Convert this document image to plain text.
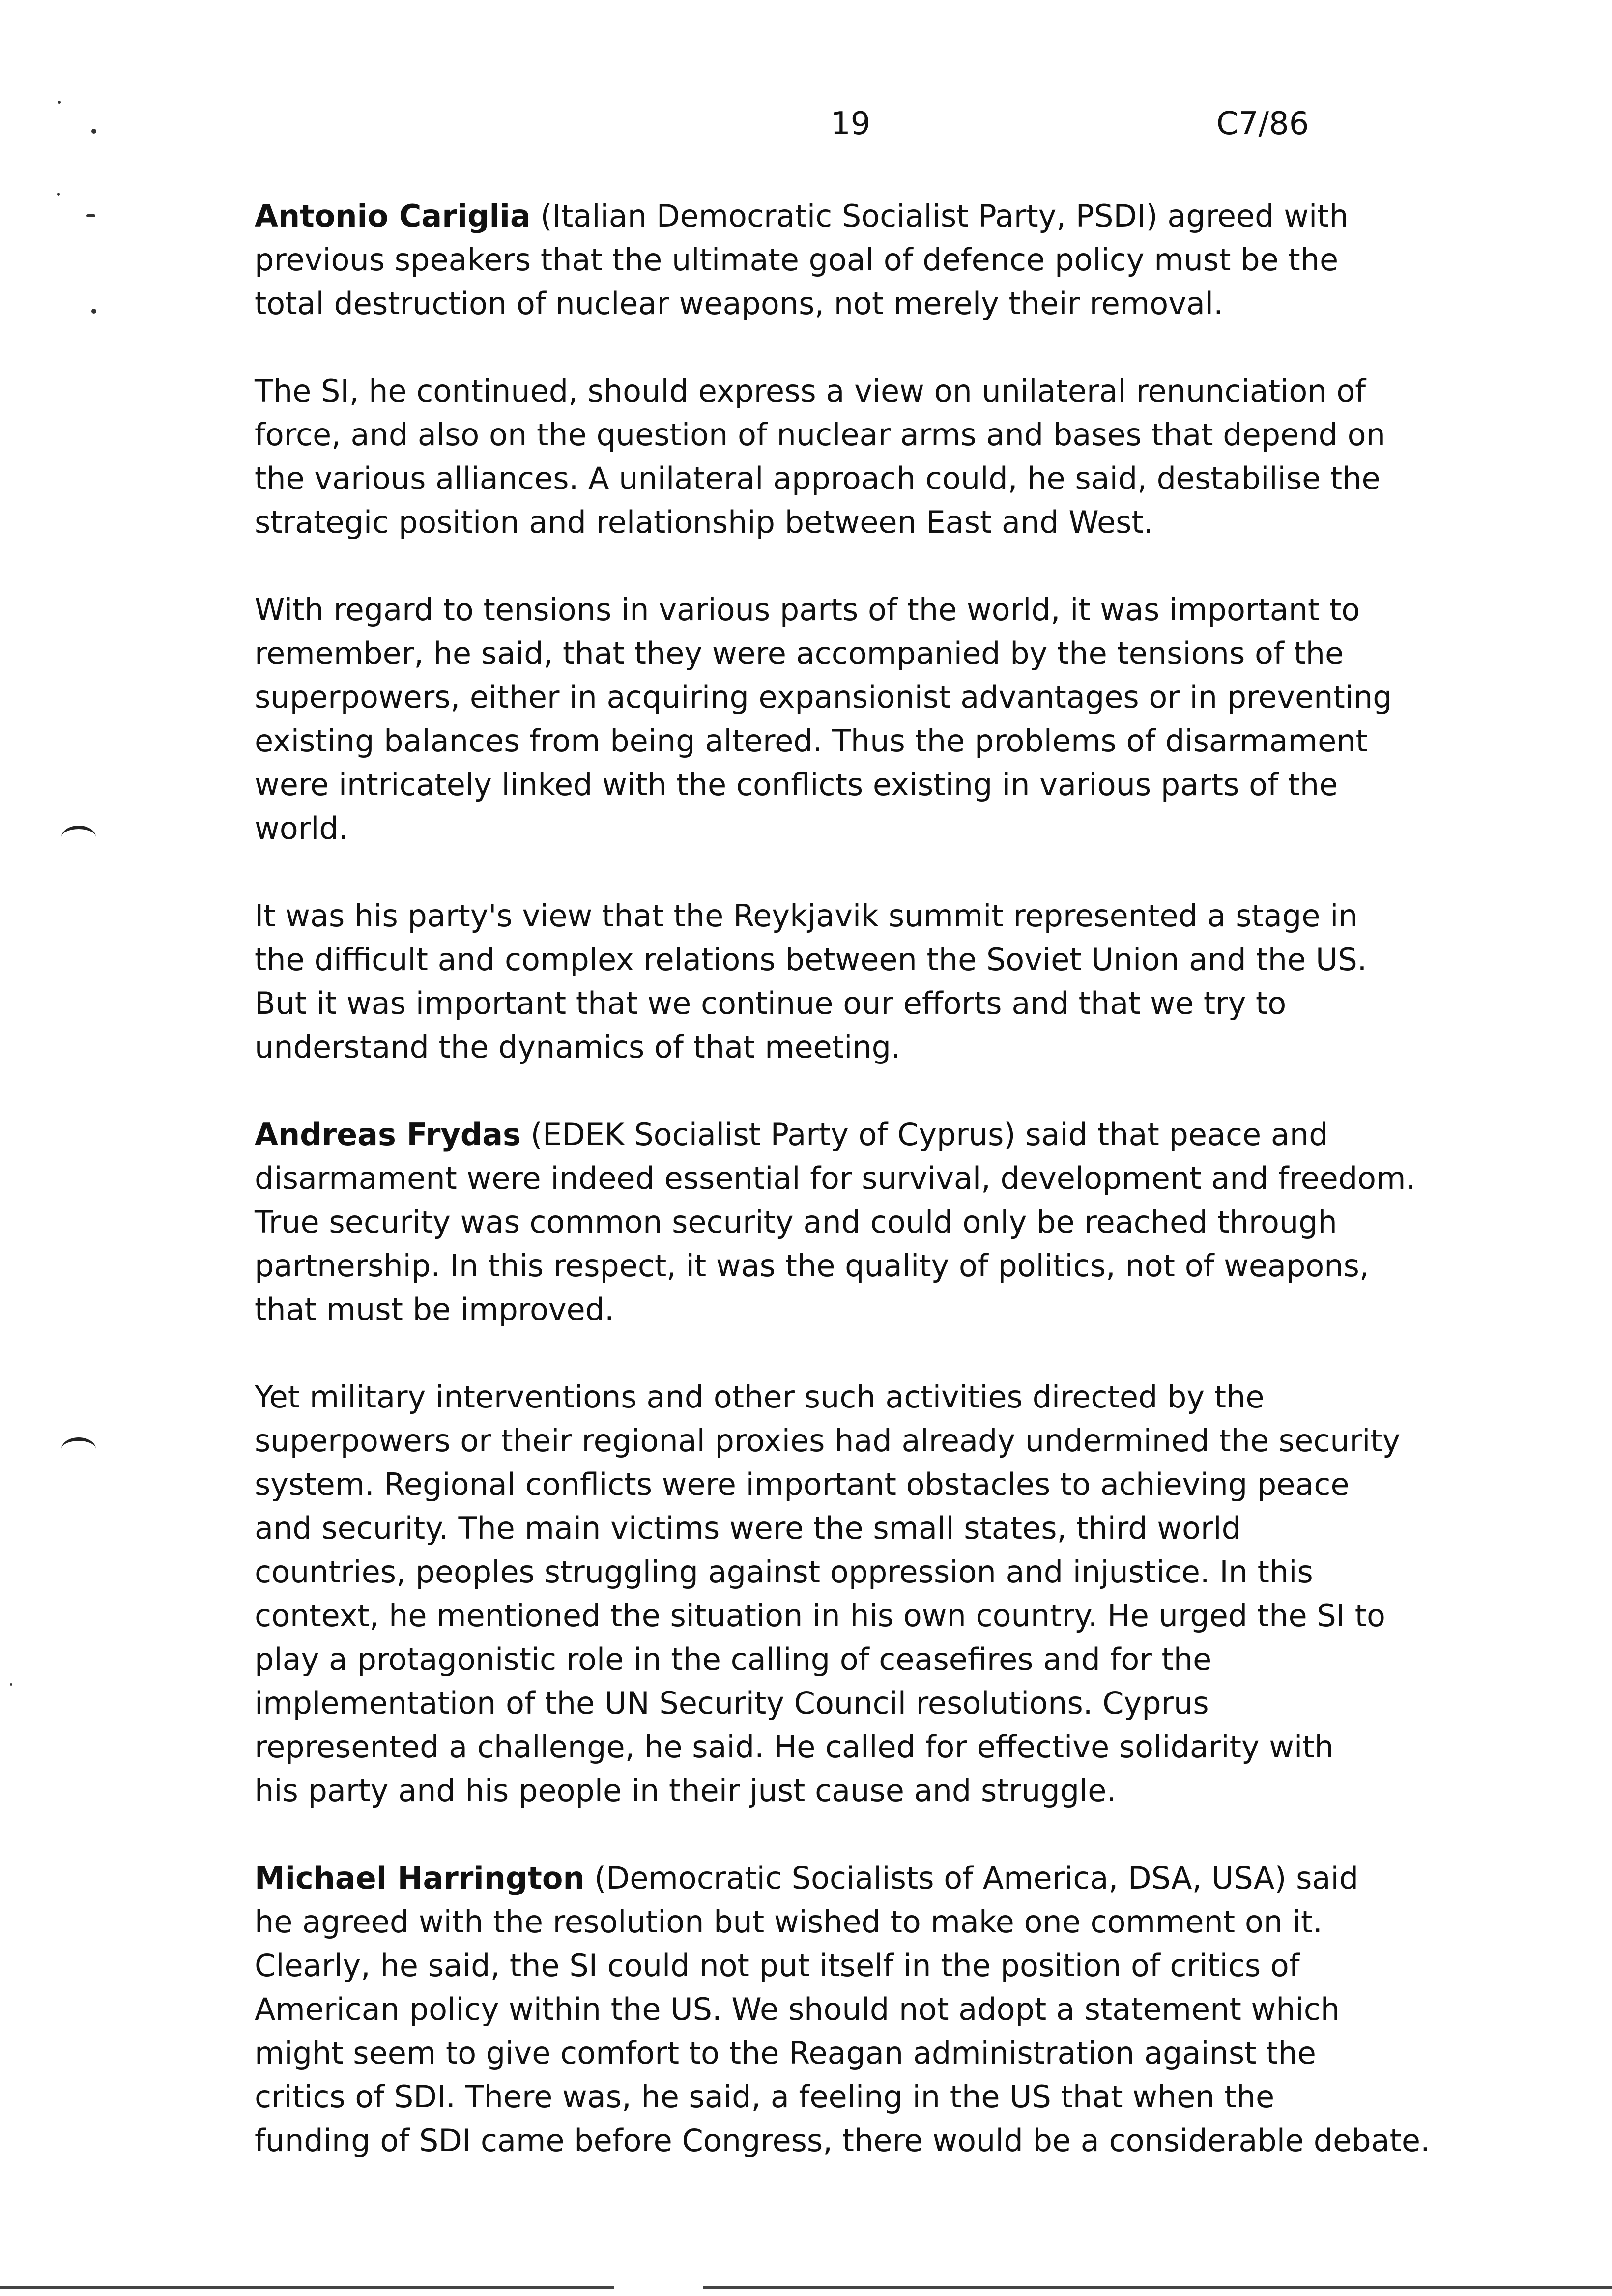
19	C7/86

Antonio Cariglia (Italian Democratic Socialist Party, PSDI) agreed with
previous speakers that the ultimate goal of defence policy must be the
total destruction of nuclear weapons, not merely their removal.

The SI, he continued, should express a view on unilateral renunciation of
force, and also on the question of nuclear arms and bases that depend on
the various alliances. A unilateral approach could, he said, destabilise the
strategic position and relationship between East and West.

With regard to tensions in various parts of the world, it was important to
remember, he said, that they were accompanied by the tensions of the
superpowers, either in acquiring expansionist advantages or in preventing
existing balances from being altered. Thus the problems of disarmament
were intricately linked with the conflicts existing in various parts of the
world.

It was his party's view that the Reykjavik summit represented a stage in
the difficult and complex relations between the Soviet Union and the US.
But it was important that we continue our efforts and that we try to
understand the dynamics of that meeting.

Andreas Frydas (EDEK Socialist Party of Cyprus) said that peace and
disarmament were indeed essential for survival, development and freedom.
True security was common security and could only be reached through
partnership. In this respect, it was the quality of politics, not of weapons,
that must be improved.

Yet military interventions and other such activities directed by the
superpowers or their regional proxies had already undermined the security
system. Regional conflicts were important obstacles to achieving peace
and security. The main victims were the small states, third world
countries, peoples struggling against oppression and injustice. In this
context, he mentioned the situation in his own country. He urged the SI to
play a protagonistic role in the calling of ceasefires and for the
implementation of the UN Security Council resolutions. Cyprus
represented a challenge, he said. He called for effective solidarity with
his party and his people in their just cause and struggle.

Michael Harrington (Democratic Socialists of America, DSA, USA) said
he agreed with the resolution but wished to make one comment on it.
Clearly, he said, the SI could not put itself in the position of critics of
American policy within the US. We should not adopt a statement which
might seem to give comfort to the Reagan administration against the
critics of SDI. There was, he said, a feeling in the US that when the
funding of SDI came before Congress, there would be a considerable debate.
